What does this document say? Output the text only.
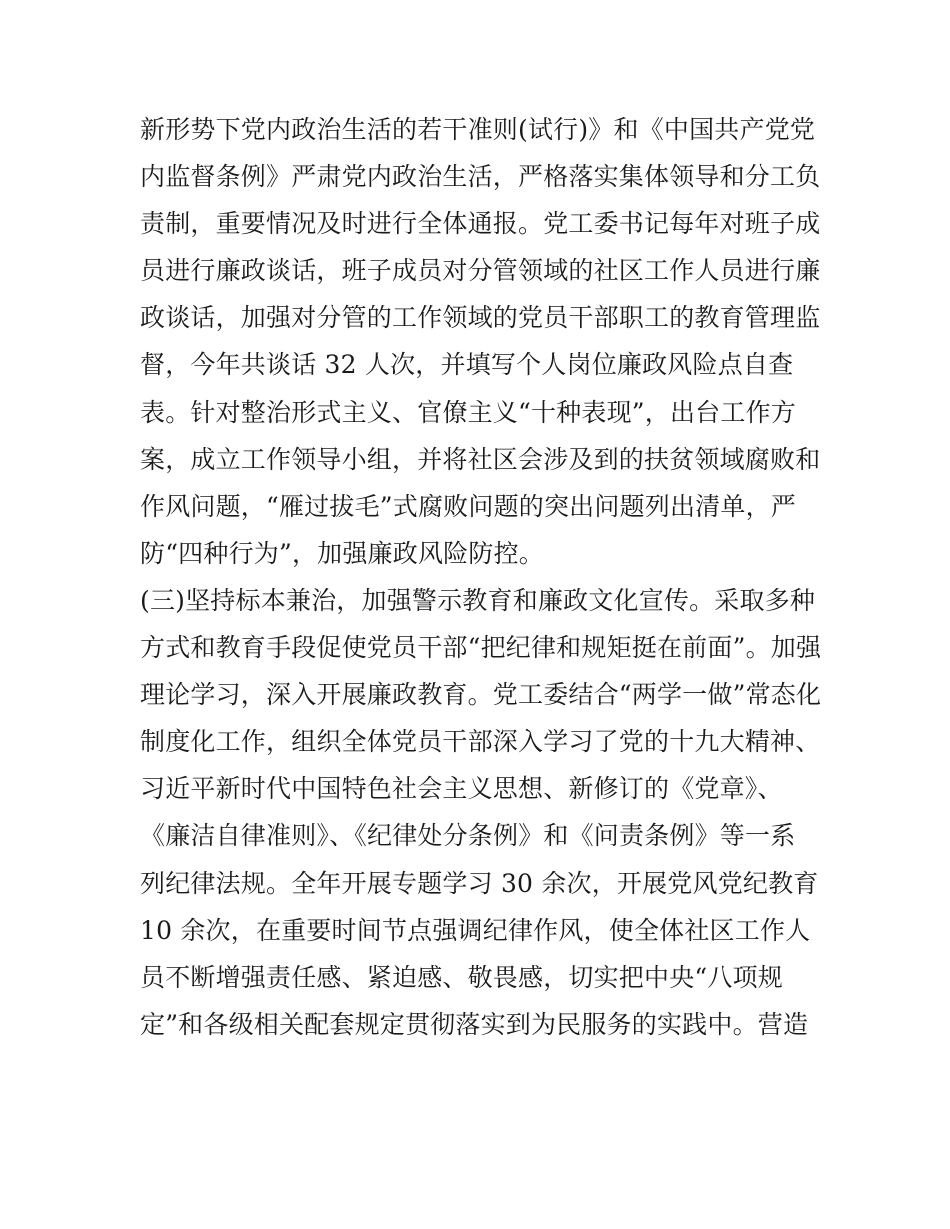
新形势下党内政治生活的若干准则(试行)》和《中国共产党党
内监督条例》严肃党内政治生活，严格落实集体领导和分工负
责制，重要情况及时进行全体通报。党工委书记每年对班子成
员进行廉政谈话，班子成员对分管领域的社区工作人员进行廉
政谈话，加强对分管的工作领域的党员干部职工的教育管理监
督，今年共谈话 32 人次，并填写个人岗位廉政风险点自查
表。针对整治形式主义、官僚主义“十种表现”，出台工作方
案，成立工作领导小组，并将社区会涉及到的扶贫领域腐败和
作风问题，“雁过拔毛”式腐败问题的突出问题列出清单，严
防“四种行为”，加强廉政风险防控。
(三)坚持标本兼治，加强警示教育和廉政文化宣传。采取多种
方式和教育手段促使党员干部“把纪律和规矩挺在前面”。加强
理论学习，深入开展廉政教育。党工委结合“两学一做”常态化
制度化工作，组织全体党员干部深入学习了党的十九大精神、
习近平新时代中国特色社会主义思想、新修订的《党章》、
《廉洁自律准则》、《纪律处分条例》和《问责条例》等一系
列纪律法规。全年开展专题学习 30 余次，开展党风党纪教育
10 余次，在重要时间节点强调纪律作风，使全体社区工作人
员不断增强责任感、紧迫感、敬畏感，切实把中央“八项规
定”和各级相关配套规定贯彻落实到为民服务的实践中。营造
